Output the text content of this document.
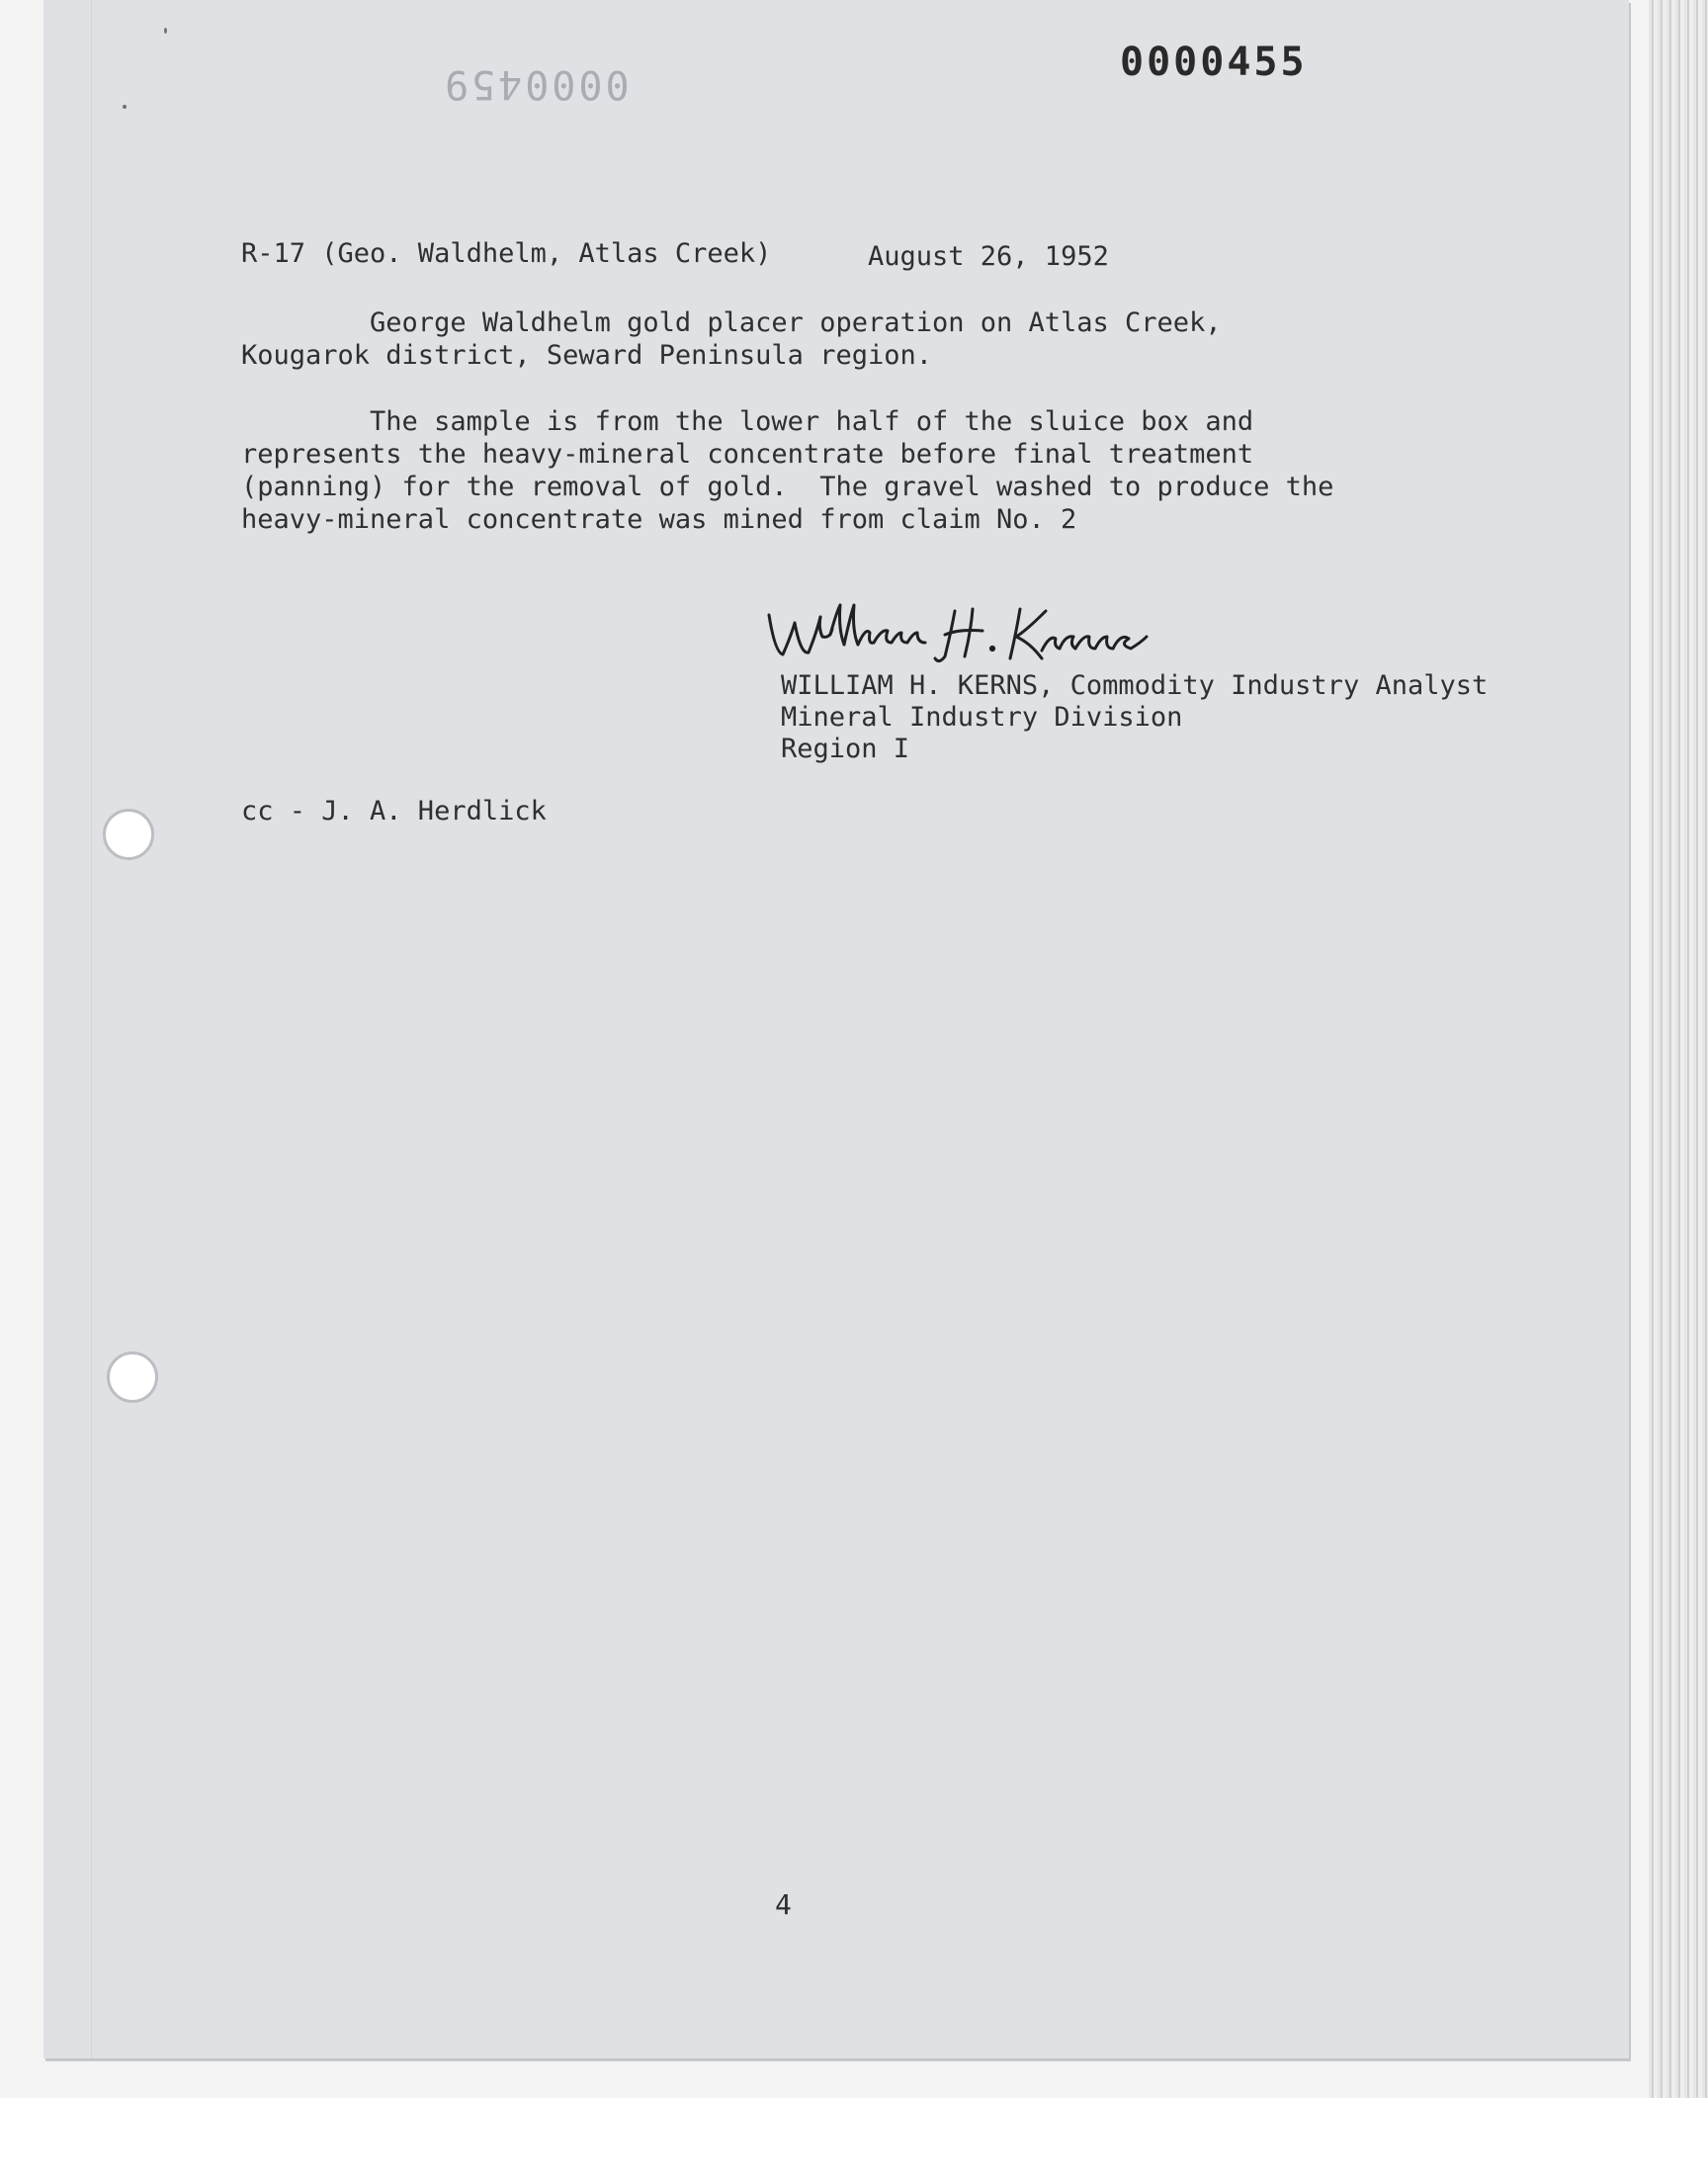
0000459	0000455
R-17 (Geo. Waldhelm, Atlas Creek)	August 26, 1952
George Waldhelm gold placer operation on Atlas Creek,
Kougarok district, Seward Peninsula region.
The sample is from the lower half of the sluice box and
represents the heavy-mineral concentrate before final treatment
(panning) for the removal of gold.  The gravel washed to produce the
heavy-mineral concentrate was mined from claim No. 2
WILLIAM H. KERNS, Commodity Industry Analyst
Mineral Industry Division
Region I
cc - J. A. Herdlick
4
